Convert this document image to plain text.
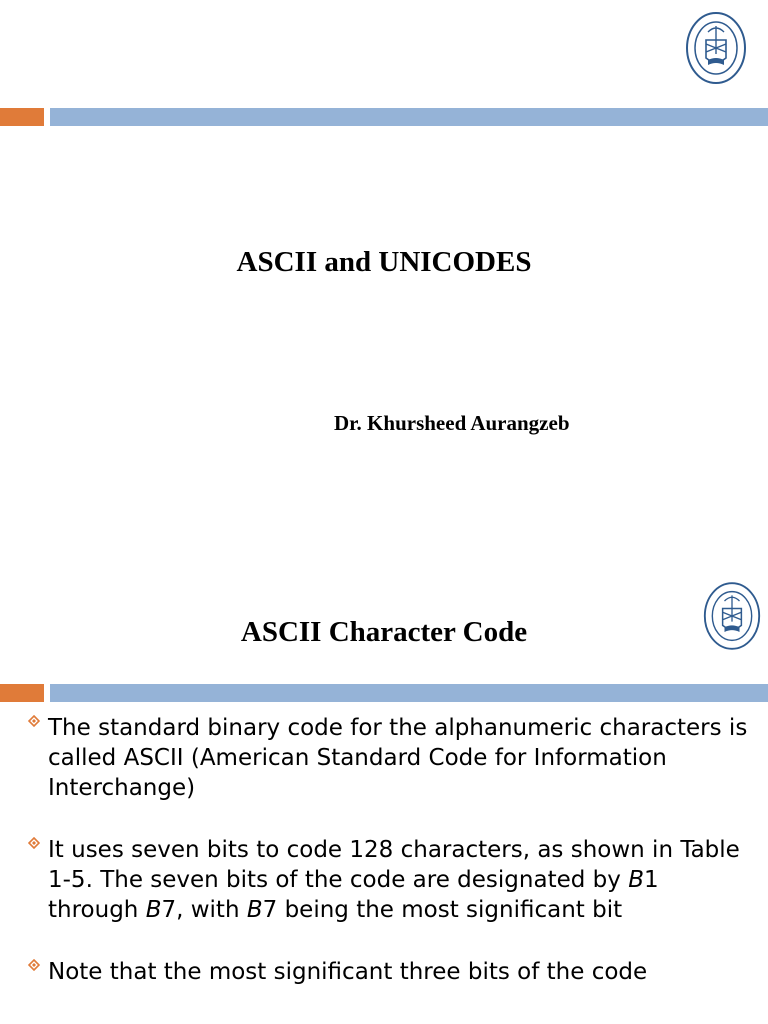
ASCII and UNICODES
Dr. Khursheed Aurangzeb
ASCII Character Code
The standard binary code for the alphanumeric characters is called ASCII (American Standard Code for Information Interchange)
It uses seven bits to code 128 characters, as shown in Table 1-5. The seven bits of the code are designated by B1 through B7, with B7 being the most significant bit
Note that the most significant three bits of the code
